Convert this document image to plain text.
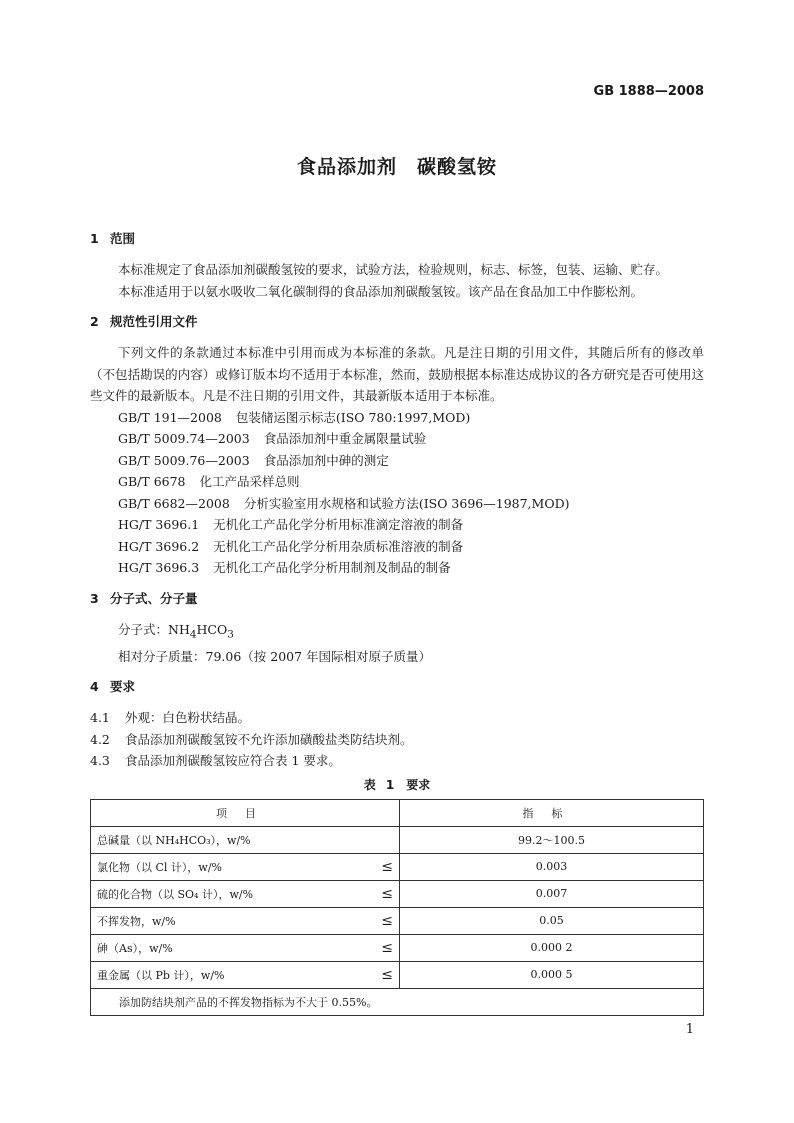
GB 1888—2008
食品添加剂　碳酸氢铵
1 范围
本标准规定了食品添加剂碳酸氢铵的要求，试验方法，检验规则，标志、标签，包装、运输、贮存。
本标准适用于以氨水吸收二氧化碳制得的食品添加剂碳酸氢铵。该产品在食品加工中作膨松剂。
2 规范性引用文件
下列文件的条款通过本标准中引用而成为本标准的条款。凡是注日期的引用文件，其随后所有的修改单（不包括勘误的内容）或修订版本均不适用于本标准，然而，鼓励根据本标准达成协议的各方研究是否可使用这些文件的最新版本。凡是不注日期的引用文件，其最新版本适用于本标准。
GB/T 191—2008 包装储运图示标志(ISO 780:1997,MOD)
GB/T 5009.74—2003 食品添加剂中重金属限量试验
GB/T 5009.76—2003 食品添加剂中砷的测定
GB/T 6678 化工产品采样总则
GB/T 6682—2008 分析实验室用水规格和试验方法(ISO 3696—1987,MOD)
HG/T 3696.1 无机化工产品化学分析用标准滴定溶液的制备
HG/T 3696.2 无机化工产品化学分析用杂质标准溶液的制备
HG/T 3696.3 无机化工产品化学分析用制剂及制品的制备
3 分子式、分子量
分子式：$NH_4HCO_3$
相对分子质量：79.06（按 2007 年国际相对原子质量）
4 要求
4.1 外观：白色粉状结晶。
4.2 食品添加剂碳酸氢铵不允许添加磺酸盐类防结块剂。
4.3 食品添加剂碳酸氢铵应符合表 1 要求。
表 1　要求
项目	指标
总碱量（以 NH₄HCO₃），w/%	99.2～100.5
氯化物（以 Cl 计），w/% ≤	0.003
硫的化合物（以 SO₄ 计），w/% ≤	0.007
不挥发物，w/% ≤	0.05
砷（As），w/% ≤	0.000 2
重金属（以 Pb 计），w/% ≤	0.000 5
添加防结块剂产品的不挥发物指标为不大于 0.55%。	
1
